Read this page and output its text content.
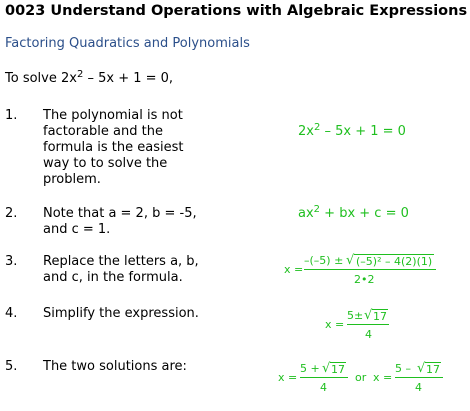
0023 Understand Operations with Algebraic Expressions
Factoring Quadratics and Polynomials
To solve $2x^2 - 5x + 1 = 0$,
1. The polynomial is not
factorable and the
formula is the easiest
way to to solve the
problem.
$2x^2 - 5x + 1 = 0$
2. Note that a = 2, b = -5,
and c = 1.
$ax^2$ + bx + c = 0
3. Replace the letters a, b,
and c, in the formula.
x =
–(–5) ± √ (–5)² – 4(2)(1)
2•2
4. Simplify the expression.
x =
5± √ 17
4
5. The two solutions are:
x =
5 + √ 17
4
or x =
5 – √ 17
4
